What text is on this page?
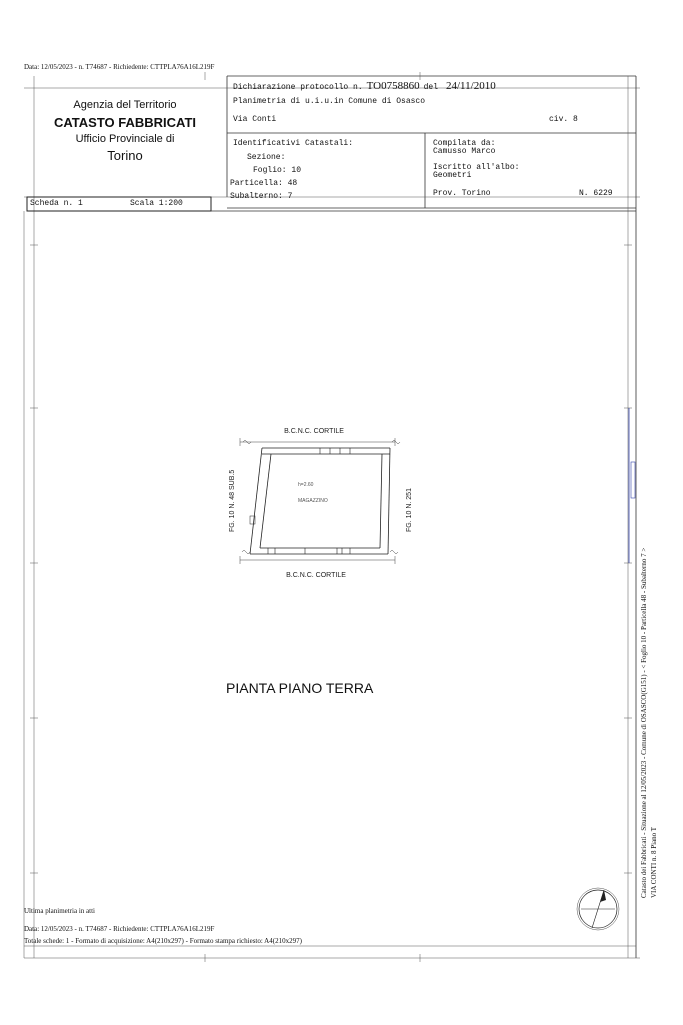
Data: 12/05/2023 - n. T74687 - Richiedente: CTTPLA76A16L219F
Agenzia del Territorio
CATASTO FABBRICATI
Ufficio Provinciale di
Torino
Dichiarazione protocollo n. TO0758860 del 24/11/2010
Planimetria di u.i.u.in Comune di Osasco
Via Conti	civ. 8
Identificativi Catastali:
Sezione:
Foglio: 10
Particella: 48
Subalterno: 7
Compilata da:
Camusso Marco
Iscritto all'albo:
Geometri
Prov. Torino	N. 6229
Scheda n. 1	Scala 1:200
B.C.N.C. CORTILE
h=2.60
MAGAZZINO
B.C.N.C. CORTILE
FG. 10 N. 48 SUB.5	FG. 10 N. 251
PIANTA PIANO TERRA	Catasto dei Fabbricati - Situazione al 12/05/2023 - Comune di OSASCO(G151) - < Foglio 10 - Particella 48 - Subalterno 7 > VIA CONTI n. 8 Piano T
Ultima planimetria in atti
Data: 12/05/2023 - n. T74687 - Richiedente: CTTPLA76A16L219F
Totale schede: 1 - Formato di acquisizione: A4(210x297) - Formato stampa richiesto: A4(210x297)
